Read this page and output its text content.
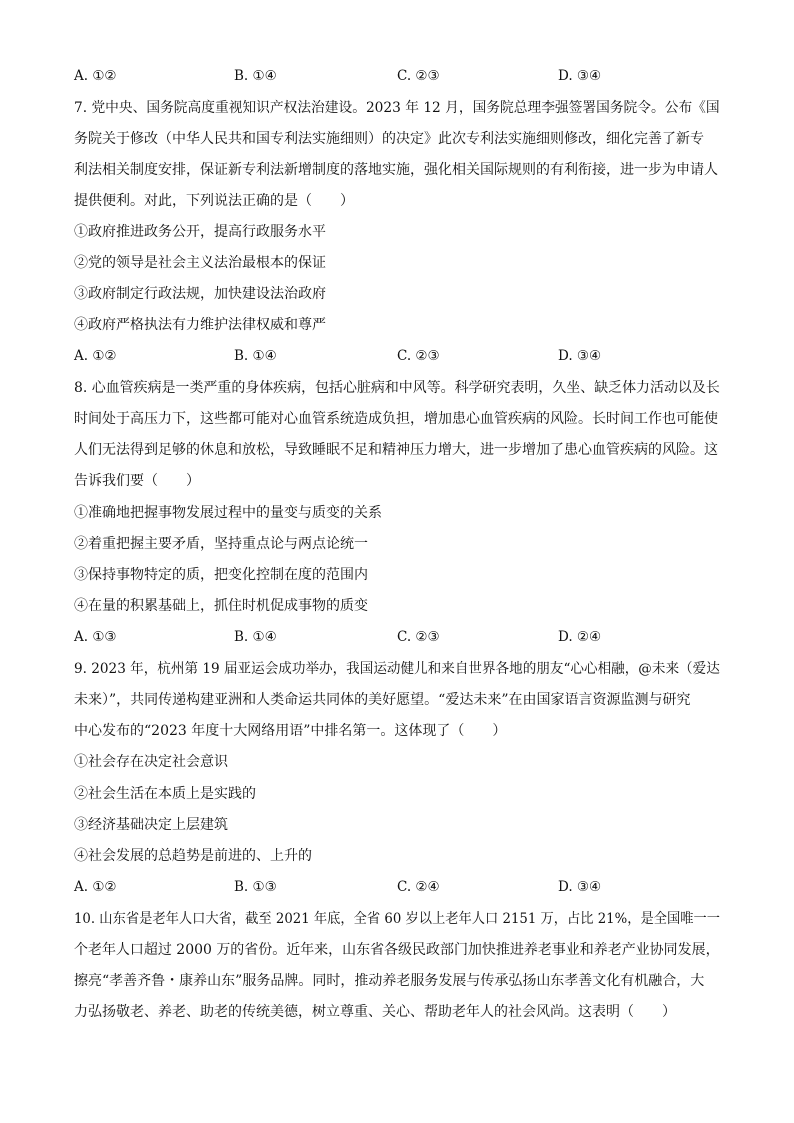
A. ①②	B. ①④	C. ②③	D. ③④
7. 党中央、国务院高度重视知识产权法治建设。2023 年 12 月，国务院总理李强签署国务院令。公布《国
务院关于修改（中华人民共和国专利法实施细则）的决定》此次专利法实施细则修改，细化完善了新专
利法相关制度安排，保证新专利法新增制度的落地实施，强化相关国际规则的有利衔接，进一步为申请人
提供便利。对此，下列说法正确的是（　　）
①政府推进政务公开，提高行政服务水平
②党的领导是社会主义法治最根本的保证
③政府制定行政法规，加快建设法治政府
④政府严格执法有力维护法律权威和尊严
A. ①②	B. ①④	C. ②③	D. ③④
8. 心血管疾病是一类严重的身体疾病，包括心脏病和中风等。科学研究表明，久坐、缺乏体力活动以及长
时间处于高压力下，这些都可能对心血管系统造成负担，增加患心血管疾病的风险。长时间工作也可能使
人们无法得到足够的休息和放松，导致睡眠不足和精神压力增大，进一步增加了患心血管疾病的风险。这
告诉我们要（　　）
①准确地把握事物发展过程中的量变与质变的关系
②着重把握主要矛盾，坚持重点论与两点论统一
③保持事物特定的质，把变化控制在度的范围内
④在量的积累基础上，抓住时机促成事物的质变
A. ①③	B. ①④	C. ②③	D. ②④
9. 2023 年，杭州第 19 届亚运会成功举办，我国运动健儿和来自世界各地的朋友“心心相融，@未来（爱达
未来）”，共同传递构建亚洲和人类命运共同体的美好愿望。“爱达未来”在由国家语言资源监测与研究
中心发布的“2023 年度十大网络用语”中排名第一。这体现了（　　）
①社会存在决定社会意识
②社会生活在本质上是实践的
③经济基础决定上层建筑
④社会发展的总趋势是前进的、上升的
A. ①②	B. ①③	C. ②④	D. ③④
10. 山东省是老年人口大省，截至 2021 年底，全省 60 岁以上老年人口 2151 万，占比 21%，是全国唯一一
个老年人口超过 2000 万的省份。近年来，山东省各级民政部门加快推进养老事业和养老产业协同发展，
擦亮“孝善齐鲁・康养山东”服务品牌。同时，推动养老服务发展与传承弘扬山东孝善文化有机融合，大
力弘扬敬老、养老、助老的传统美德，树立尊重、关心、帮助老年人的社会风尚。这表明（　　）
